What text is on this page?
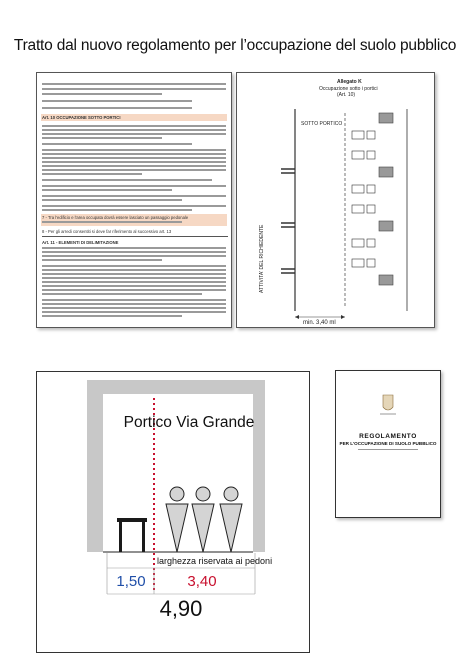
Tratto dal nuovo regolamento per l’occupazione del suolo pubblico
Art. 10 OCCUPAZIONE SOTTO PORTICI
7 - Tra l'edificio e l'area occupata dovrà essere lasciato un passaggio pedonale
8 - Per gli arredi consentiti si deve far riferimento al successivo art. 13
Art. 11 - ELEMENTI DI DELIMITAZIONE
Allegato K
Occupazione sotto i portici
(Art. 10)
SOTTO PORTICO
ATTIVITA' DEL RICHIEDENTE
min. 3,40 ml
Portico Via Grande
larghezza riservata ai pedoni
1,50	3,40
4,90
REGOLAMENTO
PER L'OCCUPAZIONE DI SUOLO PUBBLICO
